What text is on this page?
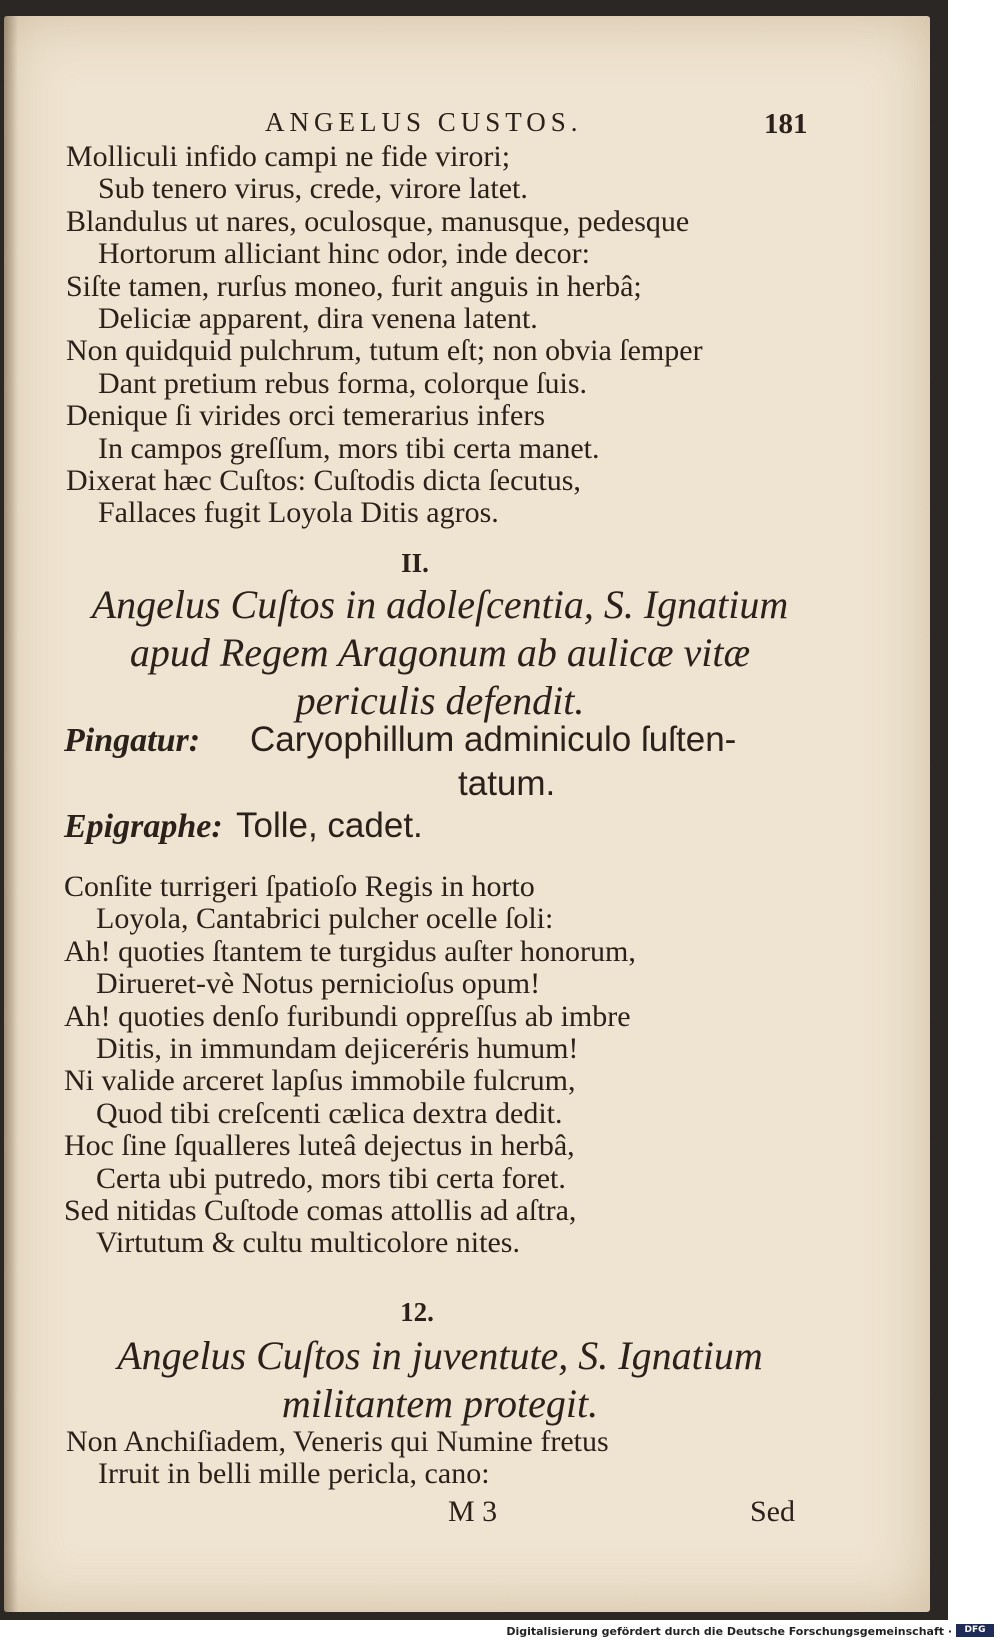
ANGELUS CUSTOS.	181
Molliculi infido campi ne fide virori;
Sub tenero virus, crede, virore latet.
Blandulus ut nares, oculosque, manusque, pedesque
Hortorum alliciant hinc odor, inde decor:
Siſte tamen, rurſus moneo, furit anguis in herbâ;
Deliciæ apparent, dira venena latent.
Non quidquid pulchrum, tutum eſt; non obvia ſemper
Dant pretium rebus forma, colorque ſuis.
Denique ſi virides orci temerarius infers
In campos greſſum, mors tibi certa manet.
Dixerat hæc Cuſtos: Cuſtodis dicta ſecutus,
Fallaces fugit Loyola Ditis agros.
II.
Angelus Cuſtos in adoleſcentia, S. Ignatium apud Regem Aragonum ab aulicæ vitæ periculis defendit.
Pingatur: Caryophillum adminiculo ſuſten-
tatum.
Epigraphe: Tolle, cadet.
Conſite turrigeri ſpatioſo Regis in horto
Loyola, Cantabrici pulcher ocelle ſoli:
Ah! quoties ſtantem te turgidus auſter honorum,
Dirueret-vè Notus pernicioſus opum!
Ah! quoties denſo furibundi oppreſſus ab imbre
Ditis, in immundam dejiceréris humum!
Ni valide arceret lapſus immobile fulcrum,
Quod tibi creſcenti cælica dextra dedit.
Hoc ſine ſqualleres luteâ dejectus in herbâ,
Certa ubi putredo, mors tibi certa foret.
Sed nitidas Cuſtode comas attollis ad aſtra,
Virtutum & cultu multicolore nites.
12.
Angelus Cuſtos in juventute, S. Ignatium militantem protegit.
Non Anchiſiadem, Veneris qui Numine fretus
Irruit in belli mille pericla, cano:
M 3	Sed
Digitalisierung gefördert durch die Deutsche Forschungsgemeinschaft ·	DFG
